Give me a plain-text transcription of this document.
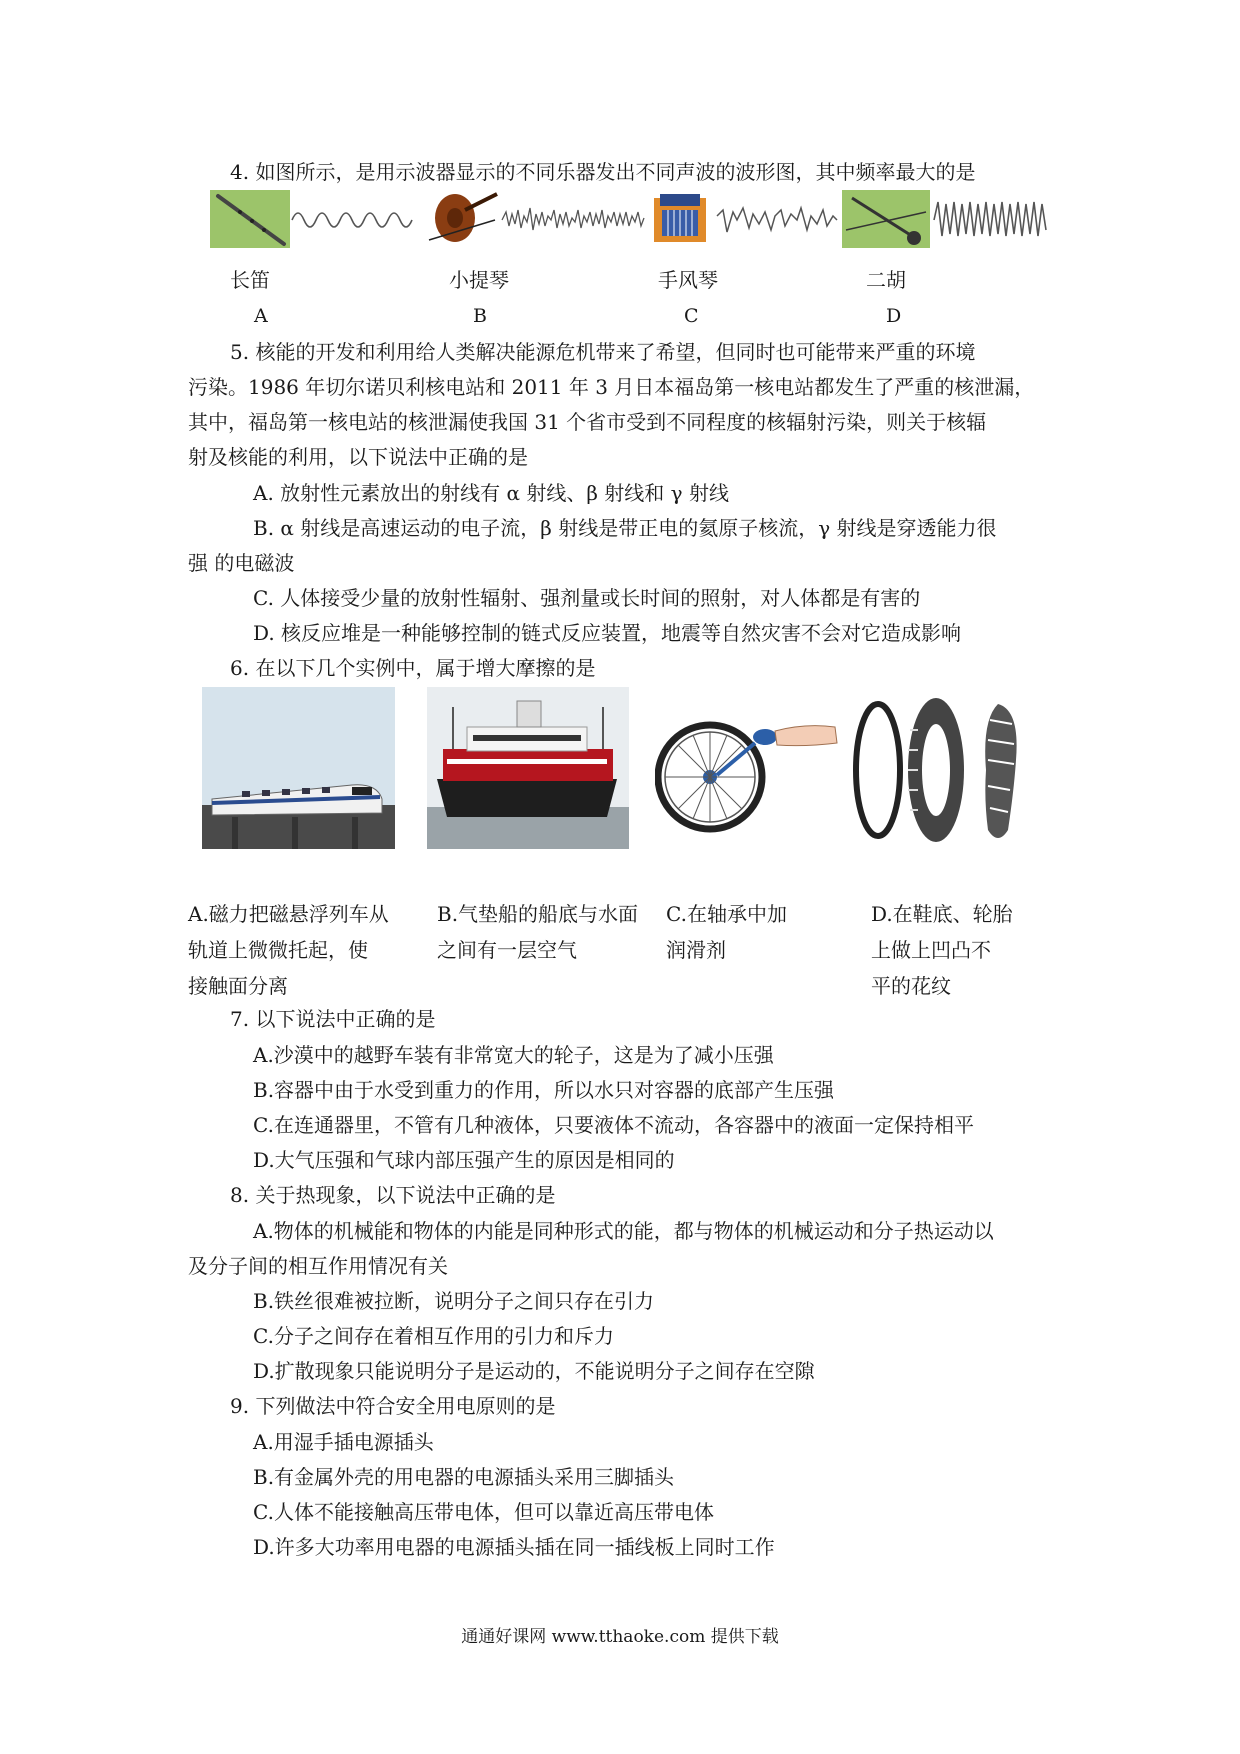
4. 如图所示，是用示波器显示的不同乐器发出不同声波的波形图，其中频率最大的是
长笛	小提琴	手风琴	二胡
A	B	C	D
5. 核能的开发和利用给人类解决能源危机带来了希望，但同时也可能带来严重的环境
污染。1986 年切尔诺贝利核电站和 2011 年 3 月日本福岛第一核电站都发生了严重的核泄漏，
其中，福岛第一核电站的核泄漏使我国 31 个省市受到不同程度的核辐射污染，则关于核辐
射及核能的利用，以下说法中正确的是
A. 放射性元素放出的射线有 α 射线、β 射线和 γ 射线
B. α 射线是高速运动的电子流，β 射线是带正电的氦原子核流，γ 射线是穿透能力很
强 的电磁波
C. 人体接受少量的放射性辐射、强剂量或长时间的照射，对人体都是有害的
D. 核反应堆是一种能够控制的链式反应装置，地震等自然灾害不会对它造成影响
6. 在以下几个实例中，属于增大摩擦的是
A.磁力把磁悬浮列车从
轨道上微微托起，使
接触面分离
B.气垫船的船底与水面
之间有一层空气
C.在轴承中加
润滑剂
D.在鞋底、轮胎
上做上凹凸不
平的花纹
7. 以下说法中正确的是
A.沙漠中的越野车装有非常宽大的轮子，这是为了减小压强
B.容器中由于水受到重力的作用，所以水只对容器的底部产生压强
C.在连通器里，不管有几种液体，只要液体不流动，各容器中的液面一定保持相平
D.大气压强和气球内部压强产生的原因是相同的
8. 关于热现象，以下说法中正确的是
A.物体的机械能和物体的内能是同种形式的能，都与物体的机械运动和分子热运动以
及分子间的相互作用情况有关
B.铁丝很难被拉断，说明分子之间只存在引力
C.分子之间存在着相互作用的引力和斥力
D.扩散现象只能说明分子是运动的，不能说明分子之间存在空隙
9. 下列做法中符合安全用电原则的是
A.用湿手插电源插头
B.有金属外壳的用电器的电源插头采用三脚插头
C.人体不能接触高压带电体，但可以靠近高压带电体
D.许多大功率用电器的电源插头插在同一插线板上同时工作
通通好课网 www.tthaoke.com 提供下载
